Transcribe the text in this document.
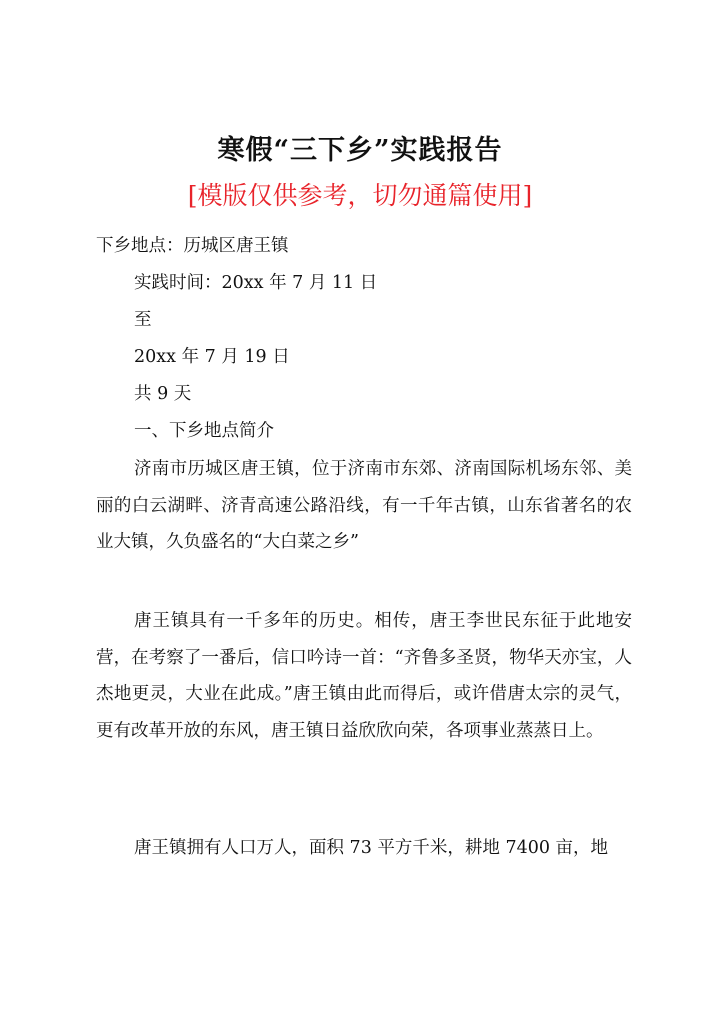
寒假“三下乡”实践报告
[模版仅供参考，切勿通篇使用]
下乡地点：历城区唐王镇
实践时间：20xx 年 7 月 11 日
至
20xx 年 7 月 19 日
共 9 天
一、下乡地点简介
济南市历城区唐王镇，位于济南市东郊、济南国际机场东邻、美丽的白云湖畔、济青高速公路沿线，有一千年古镇，山东省著名的农业大镇，久负盛名的“大白菜之乡”
唐王镇具有一千多年的历史。相传，唐王李世民东征于此地安营，在考察了一番后，信口吟诗一首：“齐鲁多圣贤，物华天亦宝，人杰地更灵，大业在此成。”唐王镇由此而得后，或许借唐太宗的灵气，更有改革开放的东风，唐王镇日益欣欣向荣，各项事业蒸蒸日上。
唐王镇拥有人口万人，面积 73 平方千米，耕地 7400 亩，地
